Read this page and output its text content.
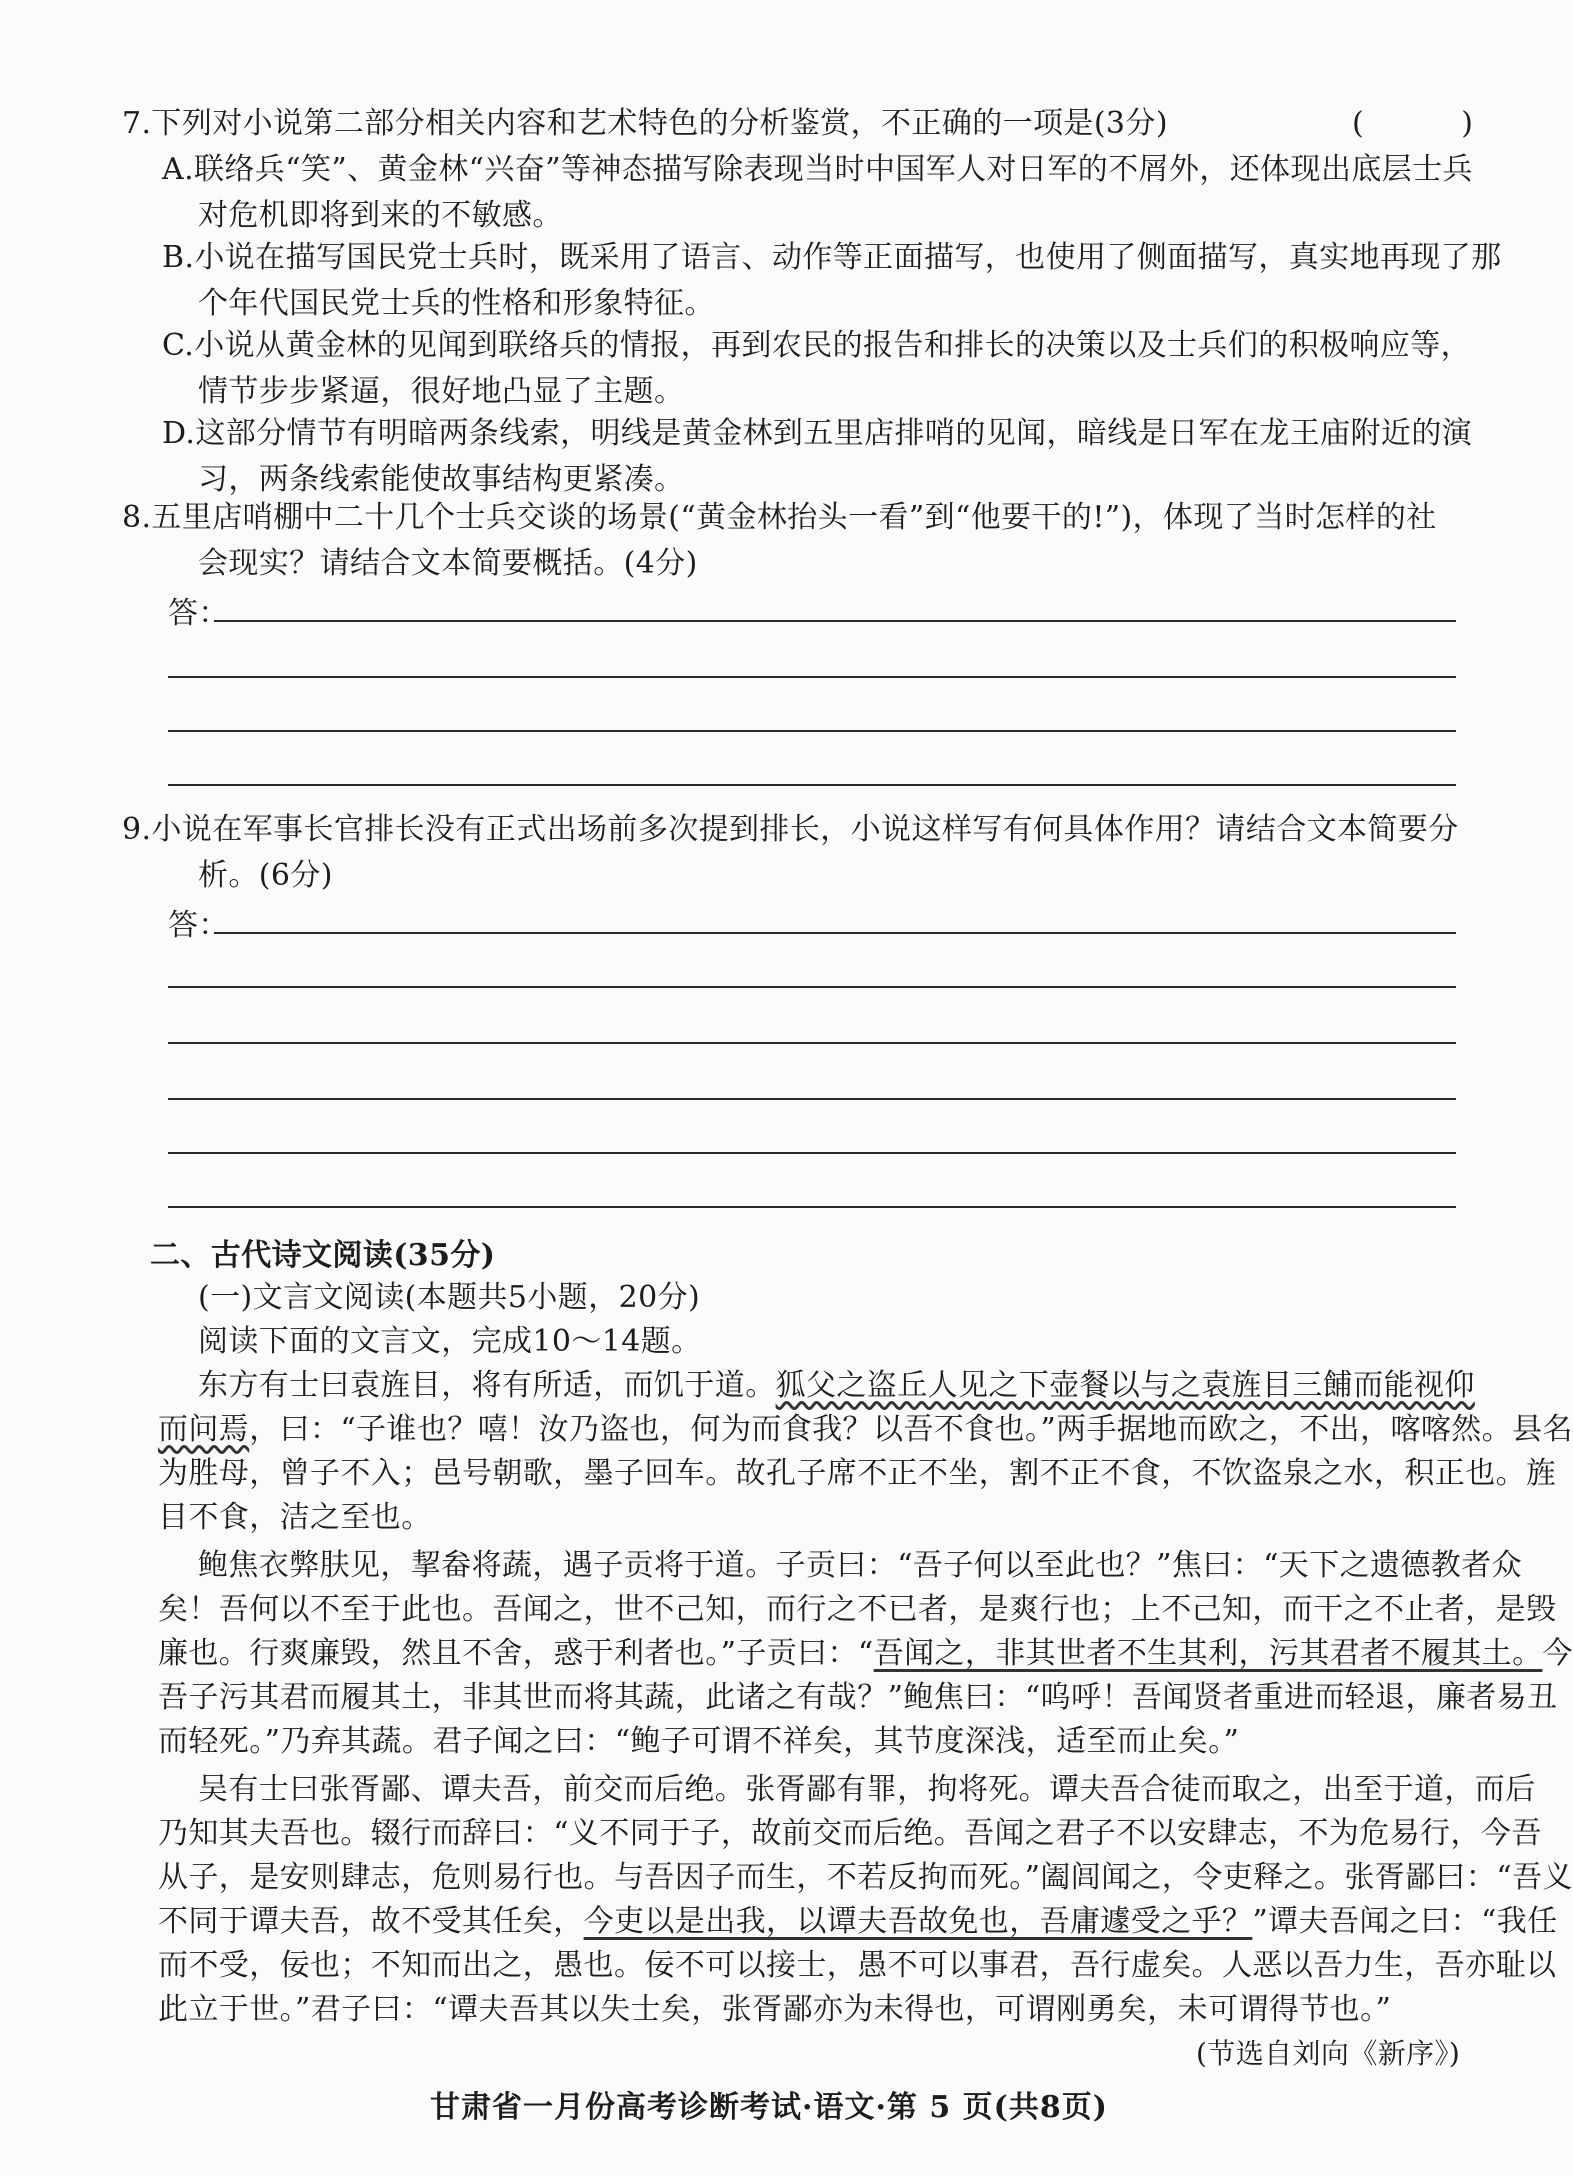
7.下列对小说第二部分相关内容和艺术特色的分析鉴赏，不正确的一项是(3分)	( )
A.联络兵“笑”、黄金林“兴奋”等神态描写除表现当时中国军人对日军的不屑外，还体现出底层士兵
对危机即将到来的不敏感。
B.小说在描写国民党士兵时，既采用了语言、动作等正面描写，也使用了侧面描写，真实地再现了那
个年代国民党士兵的性格和形象特征。
C.小说从黄金林的见闻到联络兵的情报，再到农民的报告和排长的决策以及士兵们的积极响应等，
情节步步紧逼，很好地凸显了主题。
D.这部分情节有明暗两条线索，明线是黄金林到五里店排哨的见闻，暗线是日军在龙王庙附近的演
习，两条线索能使故事结构更紧凑。
8.五里店哨棚中二十几个士兵交谈的场景(“黄金林抬头一看”到“他要干的!”)，体现了当时怎样的社
会现实？请结合文本简要概括。(4分)
答：
9.小说在军事长官排长没有正式出场前多次提到排长，小说这样写有何具体作用？请结合文本简要分
析。(6分)
答：
二、古代诗文阅读(35分)
(一)文言文阅读(本题共5小题，20分)
阅读下面的文言文，完成10～14题。
东方有士曰袁旌目，将有所适，而饥于道。狐父之盗丘人见之下壶餐以与之袁旌目三餔而能视仰
而问焉，曰：“子谁也？嘻！汝乃盗也，何为而食我？以吾不食也。”两手据地而欧之，不出，喀喀然。县名
为胜母，曾子不入；邑号朝歌，墨子回车。故孔子席不正不坐，割不正不食，不饮盗泉之水，积正也。旌
目不食，洁之至也。
鲍焦衣弊肤见，挈畚将蔬，遇子贡将于道。子贡曰：“吾子何以至此也？”焦曰：“天下之遗德教者众
矣！吾何以不至于此也。吾闻之，世不己知，而行之不已者，是爽行也；上不己知，而干之不止者，是毁
廉也。行爽廉毁，然且不舍，惑于利者也。”子贡曰：“吾闻之，非其世者不生其利，污其君者不履其土。今
吾子污其君而履其土，非其世而将其蔬，此诸之有哉？”鲍焦曰：“呜呼！吾闻贤者重进而轻退，廉者易丑
而轻死。”乃弃其蔬。君子闻之曰：“鲍子可谓不祥矣，其节度深浅，适至而止矣。”
吴有士曰张胥鄙、谭夫吾，前交而后绝。张胥鄙有罪，拘将死。谭夫吾合徒而取之，出至于道，而后
乃知其夫吾也。辍行而辞曰：“义不同于子，故前交而后绝。吾闻之君子不以安肆志，不为危易行，今吾
从子，是安则肆志，危则易行也。与吾因子而生，不若反拘而死。”阖闾闻之，令吏释之。张胥鄙曰：“吾义
不同于谭夫吾，故不受其任矣，今吏以是出我，以谭夫吾故免也，吾庸遽受之乎？”谭夫吾闻之曰：“我任
而不受，佞也；不知而出之，愚也。佞不可以接士，愚不可以事君，吾行虚矣。人恶以吾力生，吾亦耻以
此立于世。”君子曰：“谭夫吾其以失士矣，张胥鄙亦为未得也，可谓刚勇矣，未可谓得节也。”
(节选自刘向《新序》)
甘肃省一月份高考诊断考试·语文·第 5 页(共8页)
